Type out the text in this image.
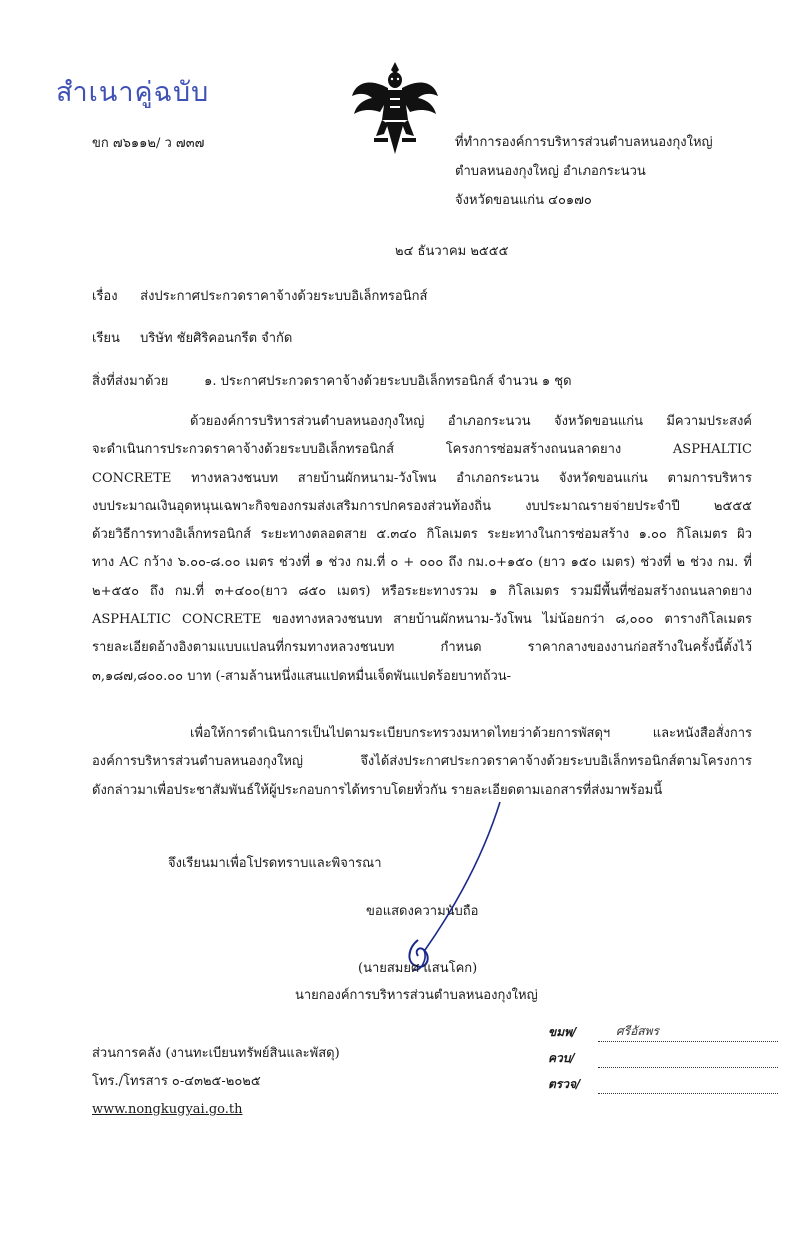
สำเนาคู่ฉบับ
ขก ๗๖๑๑๒/ ว ๗๓๗	ที่ทำการองค์การบริหารส่วนตำบลหนองกุงใหญ่
ตำบลหนองกุงใหญ่ อำเภอกระนวน
จังหวัดขอนแก่น ๔๐๑๗๐
๒๔ ธันวาคม ๒๕๕๕
เรื่อง ส่งประกาศประกวดราคาจ้างด้วยระบบอิเล็กทรอนิกส์
เรียน บริษัท ชัยศิริคอนกรีต จำกัด
สิ่งที่ส่งมาด้วย	๑. ประกาศประกวดราคาจ้างด้วยระบบอิเล็กทรอนิกส์ จำนวน ๑ ชุด
ด้วยองค์การบริหารส่วนตำบลหนองกุงใหญ่ อำเภอกระนวน จังหวัดขอนแก่น มีความประสงค์
จะดำเนินการประกวดราคาจ้างด้วยระบบอิเล็กทรอนิกส์ โครงการซ่อมสร้างถนนลาดยาง ASPHALTIC
CONCRETE ทางหลวงชนบท สายบ้านผักหนาม-วังโพน อำเภอกระนวน จังหวัดขอนแก่น ตามการบริหาร
งบประมาณเงินอุดหนุนเฉพาะกิจของกรมส่งเสริมการปกครองส่วนท้องถิ่น งบประมาณรายจ่ายประจำปี ๒๕๕๕
ด้วยวิธีการทางอิเล็กทรอนิกส์ ระยะทางตลอดสาย ๕.๓๔๐ กิโลเมตร ระยะทางในการซ่อมสร้าง ๑.๐๐ กิโลเมตร ผิว
ทาง AC กว้าง ๖.๐๐-๘.๐๐ เมตร ช่วงที่ ๑ ช่วง กม.ที่ ๐ + ๐๐๐ ถึง กม.๐+๑๕๐ (ยาว ๑๕๐ เมตร) ช่วงที่ ๒ ช่วง กม. ที่
๒+๕๕๐ ถึง กม.ที่ ๓+๔๐๐(ยาว ๘๕๐ เมตร) หรือระยะทางรวม ๑ กิโลเมตร รวมมีพื้นที่ซ่อมสร้างถนนลาดยาง
ASPHALTIC CONCRETE ของทางหลวงชนบท สายบ้านผักหนาม-วังโพน ไม่น้อยกว่า ๘,๐๐๐ ตารางกิโลเมตร
รายละเอียดอ้างอิงตามแบบแปลนที่กรมทางหลวงชนบท กำหนด ราคากลางของงานก่อสร้างในครั้งนี้ตั้งไว้
๓,๑๘๗,๘๐๐.๐๐ บาท (-สามล้านหนึ่งแสนแปดหมื่นเจ็ดพันแปดร้อยบาทถ้วน-
เพื่อให้การดำเนินการเป็นไปตามระเบียบกระทรวงมหาดไทยว่าด้วยการพัสดุฯ และหนังสือสั่งการ
องค์การบริหารส่วนตำบลหนองกุงใหญ่ จึงได้ส่งประกาศประกวดราคาจ้างด้วยระบบอิเล็กทรอนิกส์ตามโครงการ
ดังกล่าวมาเพื่อประชาสัมพันธ์ให้ผู้ประกอบการได้ทราบโดยทั่วกัน รายละเอียดตามเอกสารที่ส่งมาพร้อมนี้
จึงเรียนมาเพื่อโปรดทราบและพิจารณา
ขอแสดงความนับถือ
(นายสมยศ แสนโคก)
นายกองค์การบริหารส่วนตำบลหนองกุงใหญ่
ส่วนการคลัง (งานทะเบียนทรัพย์สินและพัสดุ)
โทร./โทรสาร ๐-๔๓๒๕-๒๐๒๕
www.nongkugyai.go.th
ขมพ/	ศรีอัสพร
ควบ/
ตรวจ/
